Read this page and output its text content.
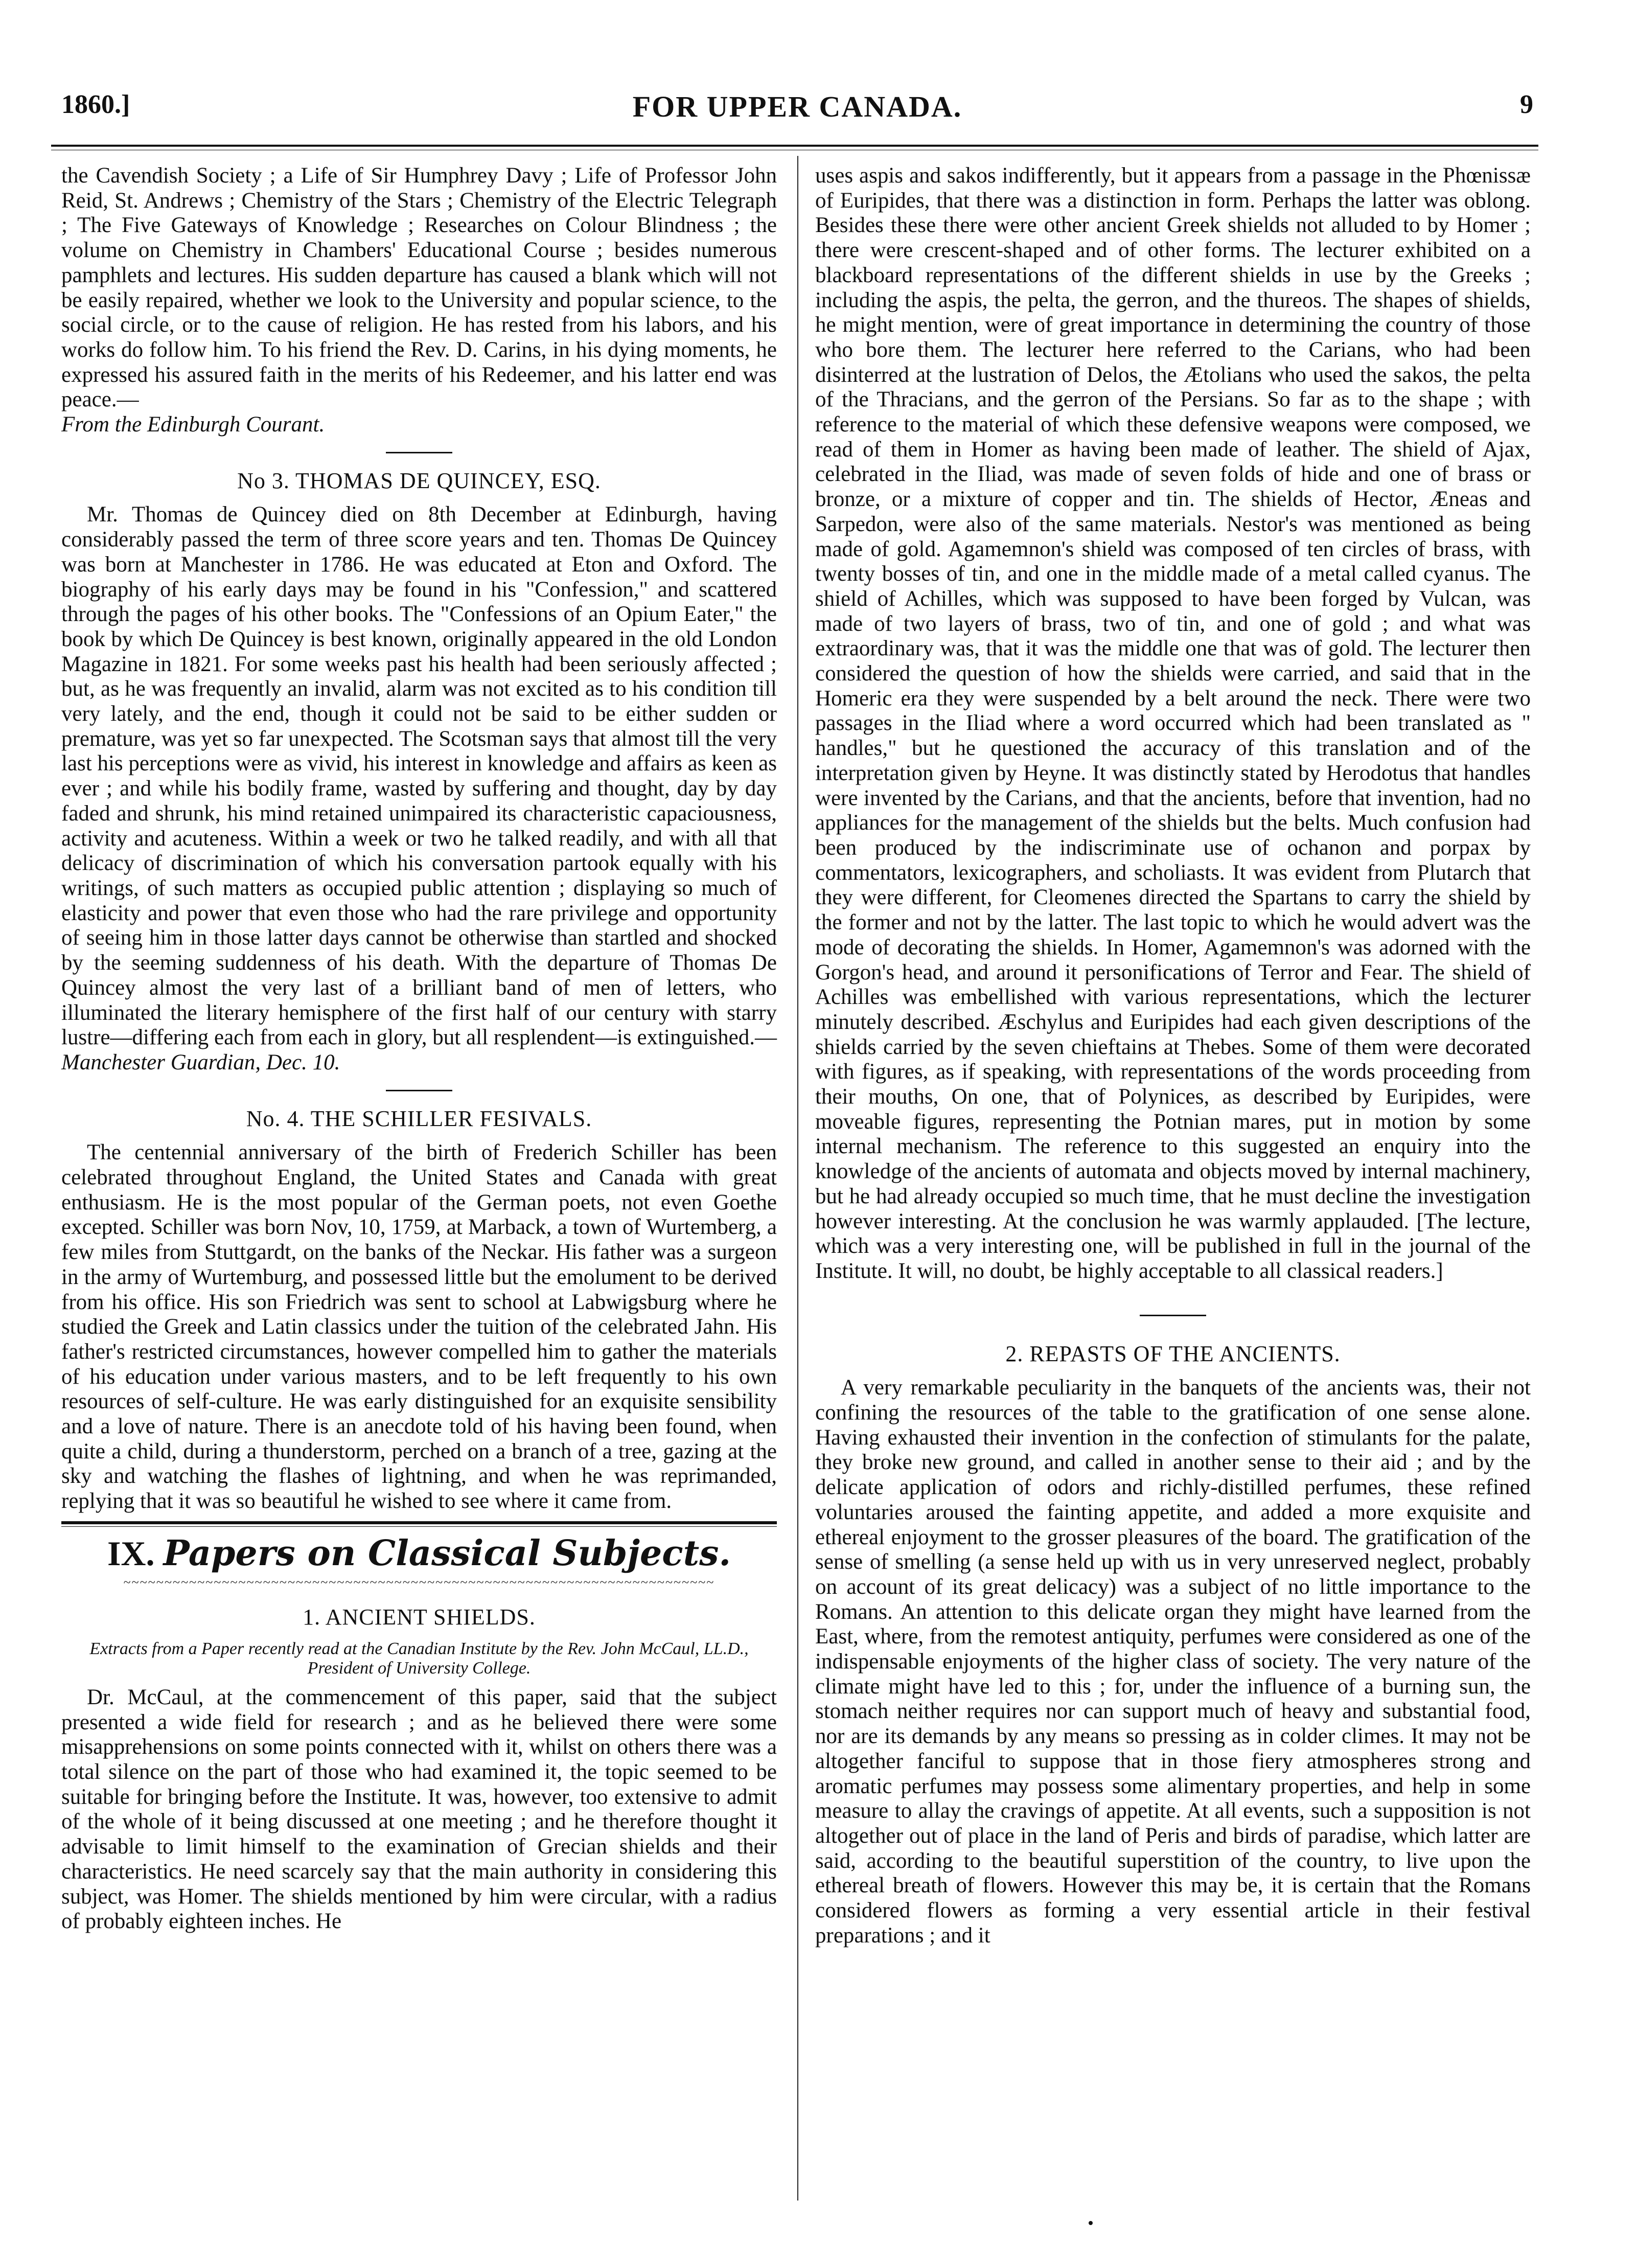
1860.]	FOR UPPER CANADA.	9

the Cavendish Society ; a Life of Sir Humphrey Davy ; Life of Professor John Reid, St. Andrews ; Chemistry of the Stars ; Chemistry of the Electric Telegraph ; The Five Gateways of Knowledge ; Researches on Colour Blindness ; the volume on Chemistry in Chambers' Educational Course ; besides numerous pamphlets and lectures. His sudden departure has caused a blank which will not be easily repaired, whether we look to the University and popular science, to the social circle, or to the cause of religion. He has rested from his labors, and his works do follow him. To his friend the Rev. D. Carins, in his dying moments, he expressed his assured faith in the merits of his Redeemer, and his latter end was peace.—
From the Edinburgh Courant.

No 3. THOMAS DE QUINCEY, ESQ.

Mr. Thomas de Quincey died on 8th December at Edinburgh, having considerably passed the term of three score years and ten. Thomas De Quincey was born at Manchester in 1786. He was educated at Eton and Oxford. The biography of his early days may be found in his "Confession," and scattered through the pages of his other books. The "Confessions of an Opium Eater," the book by which De Quincey is best known, originally appeared in the old London Magazine in 1821. For some weeks past his health had been seriously affected ; but, as he was frequently an invalid, alarm was not excited as to his condition till very lately, and the end, though it could not be said to be either sudden or premature, was yet so far unexpected. The Scotsman says that almost till the very last his perceptions were as vivid, his interest in knowledge and affairs as keen as ever ; and while his bodily frame, wasted by suffering and thought, day by day faded and shrunk, his mind retained unimpaired its characteristic capaciousness, activity and acuteness. Within a week or two he talked readily, and with all that delicacy of discrimination of which his conversation partook equally with his writings, of such matters as occupied public attention ; displaying so much of elasticity and power that even those who had the rare privilege and opportunity of seeing him in those latter days cannot be otherwise than startled and shocked by the seeming suddenness of his death. With the departure of Thomas De Quincey almost the very last of a brilliant band of men of letters, who illuminated the literary hemisphere of the first half of our century with starry lustre—differing each from each in glory, but all resplendent—is extinguished.—Manchester Guardian, Dec. 10.

No. 4. THE SCHILLER FESIVALS.

The centennial anniversary of the birth of Frederich Schiller has been celebrated throughout England, the United States and Canada with great enthusiasm. He is the most popular of the German poets, not even Goethe excepted. Schiller was born Nov, 10, 1759, at Marback, a town of Wurtemberg, a few miles from Stuttgardt, on the banks of the Neckar. His father was a surgeon in the army of Wurtemburg, and possessed little but the emolument to be derived from his office. His son Friedrich was sent to school at Labwigsburg where he studied the Greek and Latin classics under the tuition of the celebrated Jahn. His father's restricted circumstances, however compelled him to gather the materials of his education under various masters, and to be left frequently to his own resources of self-culture. He was early distinguished for an exquisite sensibility and a love of nature. There is an anecdote told of his having been found, when quite a child, during a thunderstorm, perched on a branch of a tree, gazing at the sky and watching the flashes of lightning, and when he was reprimanded, replying that it was so beautiful he wished to see where it came from.

IX. Papers on Classical Subjects.
~~~~~~~~~~~~~~~~~~~~~~~~~~~~~~~~~~~~~~~~~~~~~~~~~~~~~~~~~~~~~~~~~~~~~~~~
1. ANCIENT SHIELDS.
Extracts from a Paper recently read at the Canadian Institute by the Rev. John McCaul, LL.D., President of University College.

Dr. McCaul, at the commencement of this paper, said that the subject presented a wide field for research ; and as he believed there were some misapprehensions on some points connected with it, whilst on others there was a total silence on the part of those who had examined it, the topic seemed to be suitable for bringing before the Institute. It was, however, too extensive to admit of the whole of it being discussed at one meeting ; and he therefore thought it advisable to limit himself to the examination of Grecian shields and their characteristics. He need scarcely say that the main authority in considering this subject, was Homer. The shields mentioned by him were circular, with a radius of probably eighteen inches. He

uses aspis and sakos indifferently, but it appears from a passage in the Phœnissæ of Euripides, that there was a distinction in form. Perhaps the latter was oblong. Besides these there were other ancient Greek shields not alluded to by Homer ; there were crescent-shaped and of other forms. The lecturer exhibited on a blackboard representations of the different shields in use by the Greeks ; including the aspis, the pelta, the gerron, and the thureos. The shapes of shields, he might mention, were of great importance in determining the country of those who bore them. The lecturer here referred to the Carians, who had been disinterred at the lustration of Delos, the Ætolians who used the sakos, the pelta of the Thracians, and the gerron of the Persians. So far as to the shape ; with reference to the material of which these defensive weapons were composed, we read of them in Homer as having been made of leather. The shield of Ajax, celebrated in the Iliad, was made of seven folds of hide and one of brass or bronze, or a mixture of copper and tin. The shields of Hector, Æneas and Sarpedon, were also of the same materials. Nestor's was mentioned as being made of gold. Agamemnon's shield was composed of ten circles of brass, with twenty bosses of tin, and one in the middle made of a metal called cyanus. The shield of Achilles, which was supposed to have been forged by Vulcan, was made of two layers of brass, two of tin, and one of gold ; and what was extraordinary was, that it was the middle one that was of gold. The lecturer then considered the question of how the shields were carried, and said that in the Homeric era they were suspended by a belt around the neck. There were two passages in the Iliad where a word occurred which had been translated as " handles," but he questioned the accuracy of this translation and of the interpretation given by Heyne. It was distinctly stated by Herodotus that handles were invented by the Carians, and that the ancients, before that invention, had no appliances for the management of the shields but the belts. Much confusion had been produced by the indiscriminate use of ochanon and porpax by commentators, lexicographers, and scholiasts. It was evident from Plutarch that they were different, for Cleomenes directed the Spartans to carry the shield by the former and not by the latter. The last topic to which he would advert was the mode of decorating the shields. In Homer, Agamemnon's was adorned with the Gorgon's head, and around it personifications of Terror and Fear. The shield of Achilles was embellished with various representations, which the lecturer minutely described. Æschylus and Euripides had each given descriptions of the shields carried by the seven chieftains at Thebes. Some of them were decorated with figures, as if speaking, with representations of the words proceeding from their mouths, On one, that of Polynices, as described by Euripides, were moveable figures, representing the Potnian mares, put in motion by some internal mechanism. The reference to this suggested an enquiry into the knowledge of the ancients of automata and objects moved by internal machinery, but he had already occupied so much time, that he must decline the investigation however interesting. At the conclusion he was warmly applauded. [The lecture, which was a very interesting one, will be published in full in the journal of the Institute. It will, no doubt, be highly acceptable to all classical readers.]

2. REPASTS OF THE ANCIENTS.

A very remarkable peculiarity in the banquets of the ancients was, their not confining the resources of the table to the gratification of one sense alone. Having exhausted their invention in the confection of stimulants for the palate, they broke new ground, and called in another sense to their aid ; and by the delicate application of odors and richly-distilled perfumes, these refined voluntaries aroused the fainting appetite, and added a more exquisite and ethereal enjoyment to the grosser pleasures of the board. The gratification of the sense of smelling (a sense held up with us in very unreserved neglect, probably on account of its great delicacy) was a subject of no little importance to the Romans. An attention to this delicate organ they might have learned from the East, where, from the remotest antiquity, perfumes were considered as one of the indispensable enjoyments of the higher class of society. The very nature of the climate might have led to this ; for, under the influence of a burning sun, the stomach neither requires nor can support much of heavy and substantial food, nor are its demands by any means so pressing as in colder climes. It may not be altogether fanciful to suppose that in those fiery atmospheres strong and aromatic perfumes may possess some alimentary properties, and help in some measure to allay the cravings of appetite. At all events, such a supposition is not altogether out of place in the land of Peris and birds of paradise, which latter are said, according to the beautiful superstition of the country, to live upon the ethereal breath of flowers. However this may be, it is certain that the Romans considered flowers as forming a very essential article in their festival preparations ; and it
